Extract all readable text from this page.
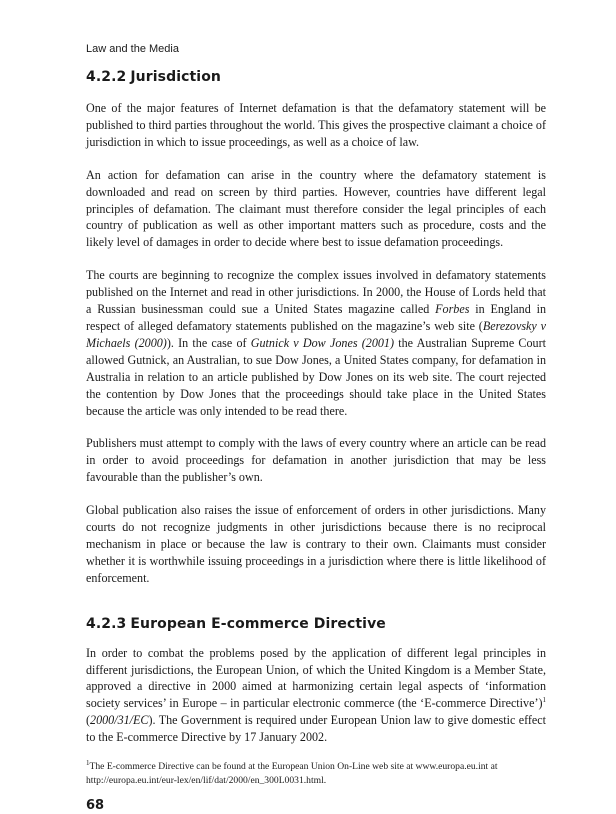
Law and the Media
4.2.2 Jurisdiction

One of the major features of Internet defamation is that the defamatory statement will be published to third parties throughout the world. This gives the prospective claimant a choice of jurisdiction in which to issue proceedings, as well as a choice of law.

An action for defamation can arise in the country where the defamatory statement is downloaded and read on screen by third parties. However, countries have different legal principles of defamation. The claimant must therefore consider the legal principles of each country of publication as well as other important matters such as procedure, costs and the likely level of damages in order to decide where best to issue defamation proceedings.

The courts are beginning to recognize the complex issues involved in defamatory statements published on the Internet and read in other jurisdictions. In 2000, the House of Lords held that a Russian businessman could sue a United States magazine called Forbes in England in respect of alleged defamatory statements published on the magazine’s web site (Berezovsky v Michaels (2000)). In the case of Gutnick v Dow Jones (2001) the Australian Supreme Court allowed Gutnick, an Australian, to sue Dow Jones, a United States company, for defamation in Australia in relation to an article published by Dow Jones on its web site. The court rejected the contention by Dow Jones that the proceedings should take place in the United States because the article was only intended to be read there.

Publishers must attempt to comply with the laws of every country where an article can be read in order to avoid proceedings for defamation in another jurisdiction that may be less favourable than the publisher’s own.

Global publication also raises the issue of enforcement of orders in other jurisdictions. Many courts do not recognize judgments in other jurisdictions because there is no reciprocal mechanism in place or because the law is contrary to their own. Claimants must consider whether it is worthwhile issuing proceedings in a jurisdiction where there is little likelihood of enforcement.

4.2.3 European E-commerce Directive

In order to combat the problems posed by the application of different legal principles in different jurisdictions, the European Union, of which the United Kingdom is a Member State, approved a directive in 2000 aimed at harmonizing certain legal aspects of ‘information society services’ in Europe – in particular electronic commerce (the ‘E-commerce Directive’)$^1$ (2000/31/EC). The Government is required under European Union law to give domestic effect to the E-commerce Directive by 17 January 2002.

$^1$The E-commerce Directive can be found at the European Union On-Line web site at www.europa.eu.int at http://europa.eu.int/eur-lex/en/lif/dat/2000/en_300L0031.html.
68
